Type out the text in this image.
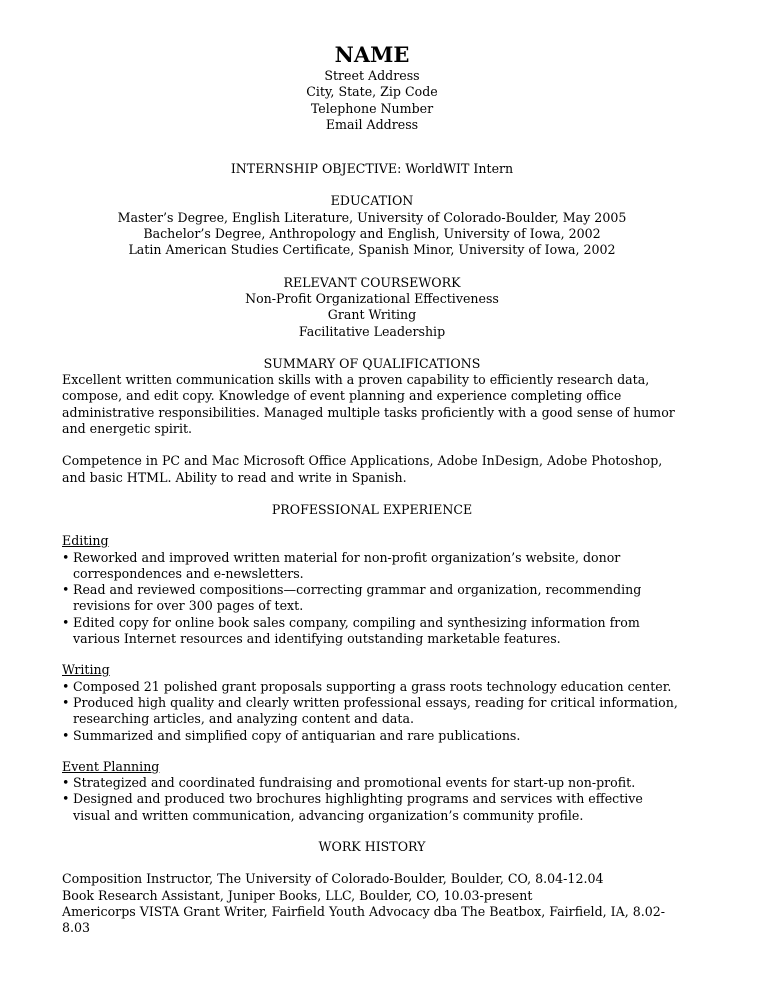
NAME
Street Address
City, State, Zip Code
Telephone Number
Email Address
INTERNSHIP OBJECTIVE: WorldWIT Intern
EDUCATION
Master’s Degree, English Literature, University of Colorado-Boulder, May 2005
Bachelor’s Degree, Anthropology and English, University of Iowa, 2002
Latin American Studies Certificate, Spanish Minor, University of Iowa, 2002
RELEVANT COURSEWORK
Non-Profit Organizational Effectiveness
Grant Writing
Facilitative Leadership
SUMMARY OF QUALIFICATIONS
Excellent written communication skills with a proven capability to efficiently research data, compose, and edit copy. Knowledge of event planning and experience completing office administrative responsibilities. Managed multiple tasks proficiently with a good sense of humor and energetic spirit.
Competence in PC and Mac Microsoft Office Applications, Adobe InDesign, Adobe Photoshop, and basic HTML. Ability to read and write in Spanish.
PROFESSIONAL EXPERIENCE
Editing
• Reworked and improved written material for non-profit organization’s website, donor correspondences and e-newsletters.
• Read and reviewed compositions—correcting grammar and organization, recommending revisions for over 300 pages of text.
• Edited copy for online book sales company, compiling and synthesizing information from various Internet resources and identifying outstanding marketable features.
Writing
• Composed 21 polished grant proposals supporting a grass roots technology education center.
• Produced high quality and clearly written professional essays, reading for critical information, researching articles, and analyzing content and data.
• Summarized and simplified copy of antiquarian and rare publications.
Event Planning
• Strategized and coordinated fundraising and promotional events for start-up non-profit.
• Designed and produced two brochures highlighting programs and services with effective visual and written communication, advancing organization’s community profile.
WORK HISTORY
Composition Instructor, The University of Colorado-Boulder, Boulder, CO, 8.04-12.04
Book Research Assistant, Juniper Books, LLC, Boulder, CO, 10.03-present
Americorps VISTA Grant Writer, Fairfield Youth Advocacy dba The Beatbox, Fairfield, IA, 8.02-8.03
